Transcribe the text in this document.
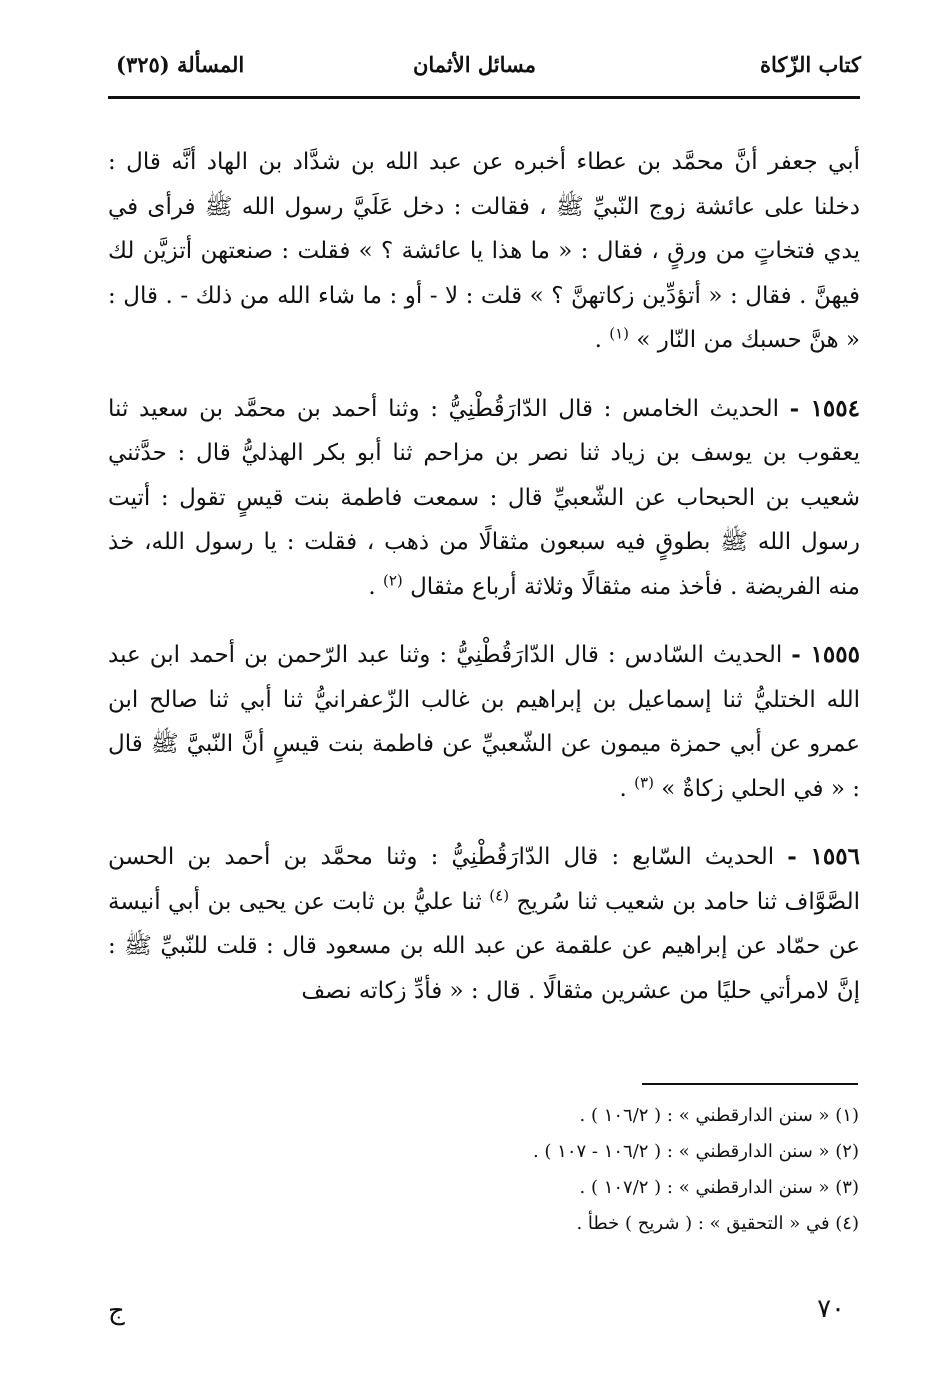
كتاب الزّكاة
مسائل الأثمان
المسألة (٣٢٥)

أبي جعفر أنَّ محمَّد بن عطاء أخبره عن عبد الله بن شدَّاد بن الهاد أنَّه قال : دخلنا على عائشة زوج النّبيِّ ﷺ ، فقالت : دخل عَلَيَّ رسول الله ﷺ فرأى في يدي فتخاتٍ من ورقٍ ، فقال : « ما هذا يا عائشة ؟ » فقلت : صنعتهن أتزيَّن لك فيهنَّ . فقال : « أتؤدِّين زكاتهنَّ ؟ » قلت : لا - أو : ما شاء الله من ذلك - . قال : « هنَّ حسبك من النّار » $^{(١)}$ .

١٥٥٤ - الحديث الخامس : قال الدّارَقُطْنِيُّ : وثنا أحمد بن محمَّد بن سعيد ثنا يعقوب بن يوسف بن زياد ثنا نصر بن مزاحم ثنا أبو بكر الهذليُّ قال : حدَّثني شعيب بن الحبحاب عن الشّعبيِّ قال : سمعت فاطمة بنت قيسٍ تقول : أتيت رسول الله ﷺ بطوقٍ فيه سبعون مثقالًا من ذهب ، فقلت : يا رسول الله، خذ منه الفريضة . فأخذ منه مثقالًا وثلاثة أرباع مثقال $^{(٢)}$ .

١٥٥٥ - الحديث السّادس : قال الدّارَقُطْنِيُّ : وثنا عبد الرّحمن بن أحمد ابن عبد الله الختليُّ ثنا إسماعيل بن إبراهيم بن غالب الزّعفرانيُّ ثنا أبي ثنا صالح ابن عمرو عن أبي حمزة ميمون عن الشّعبيِّ عن فاطمة بنت قيسٍ أنَّ النّبيَّ ﷺ قال : « في الحلي زكاةٌ » $^{(٣)}$ .

١٥٥٦ - الحديث السّابع : قال الدّارَقُطْنِيُّ : وثنا محمَّد بن أحمد بن الحسن الصَّوَّاف ثنا حامد بن شعيب ثنا سُريج $^{(٤)}$ ثنا عليُّ بن ثابت عن يحيى بن أبي أنيسة عن حمّاد عن إبراهيم عن علقمة عن عبد الله بن مسعود قال : قلت للنّبيِّ ﷺ : إنَّ لامرأتي حليًا من عشرين مثقالًا . قال : « فأدِّ زكاته نصف

(١) « سنن الدارقطني » : ( ١٠٦/٢ ) .

(٢) « سنن الدارقطني » : ( ١٠٦/٢ - ١٠٧ ) .

(٣) « سنن الدارقطني » : ( ١٠٧/٢ ) .

(٤) في « التحقيق » : ( شريح ) خطأ .

٧٠
ج
